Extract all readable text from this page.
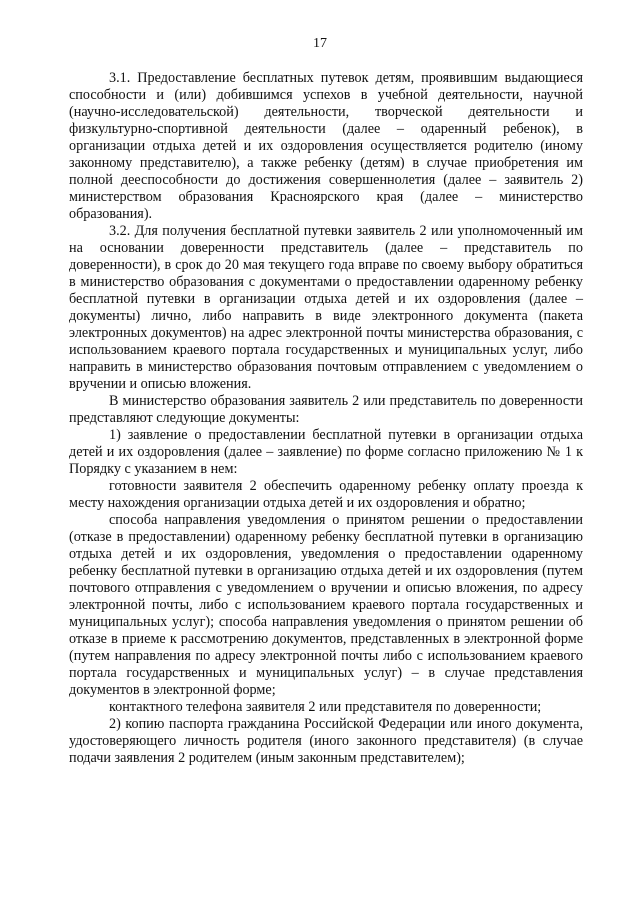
17

3.1. Предоставление бесплатных путевок детям, проявившим выдающиеся способности и (или) добившимся успехов в учебной деятельности, научной (научно-исследовательской) деятельности, творческой деятельности и физкультурно-спортивной деятельности (далее – одаренный ребенок), в организации отдыха детей и их оздоровления осуществляется родителю (иному законному представителю), а также ребенку (детям) в случае приобретения им полной дееспособности до достижения совершеннолетия (далее – заявитель 2) министерством образования Красноярского края (далее – министерство образования).

3.2. Для получения бесплатной путевки заявитель 2 или уполномоченный им на основании доверенности представитель (далее – представитель по доверенности), в срок до 20 мая текущего года вправе по своему выбору обратиться в министерство образования с документами о предоставлении одаренному ребенку бесплатной путевки в организации отдыха детей и их оздоровления (далее – документы) лично, либо направить в виде электронного документа (пакета электронных документов) на адрес электронной почты министерства образования, с использованием краевого портала государственных и муниципальных услуг, либо направить в министерство образования почтовым отправлением с уведомлением о вручении и описью вложения.

В министерство образования заявитель 2 или представитель по доверенности представляют следующие документы:

1) заявление о предоставлении бесплатной путевки в организации отдыха детей и их оздоровления (далее – заявление) по форме согласно приложению № 1 к Порядку с указанием в нем:

готовности заявителя 2 обеспечить одаренному ребенку оплату проезда к месту нахождения организации отдыха детей и их оздоровления и обратно;

способа направления уведомления о принятом решении о предоставлении (отказе в предоставлении) одаренному ребенку бесплатной путевки в организацию отдыха детей и их оздоровления, уведомления о предоставлении одаренному ребенку бесплатной путевки в организацию отдыха детей и их оздоровления (путем почтового отправления с уведомлением о вручении и описью вложения, по адресу электронной почты, либо с использованием краевого портала государственных и муниципальных услуг); способа направления уведомления о принятом решении об отказе в приеме к рассмотрению документов, представленных в электронной форме (путем направления по адресу электронной почты либо с использованием краевого портала государственных и муниципальных услуг) – в случае представления документов в электронной форме;

контактного телефона заявителя 2 или представителя по доверенности;

2) копию паспорта гражданина Российской Федерации или иного документа, удостоверяющего личность родителя (иного законного представителя) (в случае подачи заявления 2 родителем (иным законным представителем);
